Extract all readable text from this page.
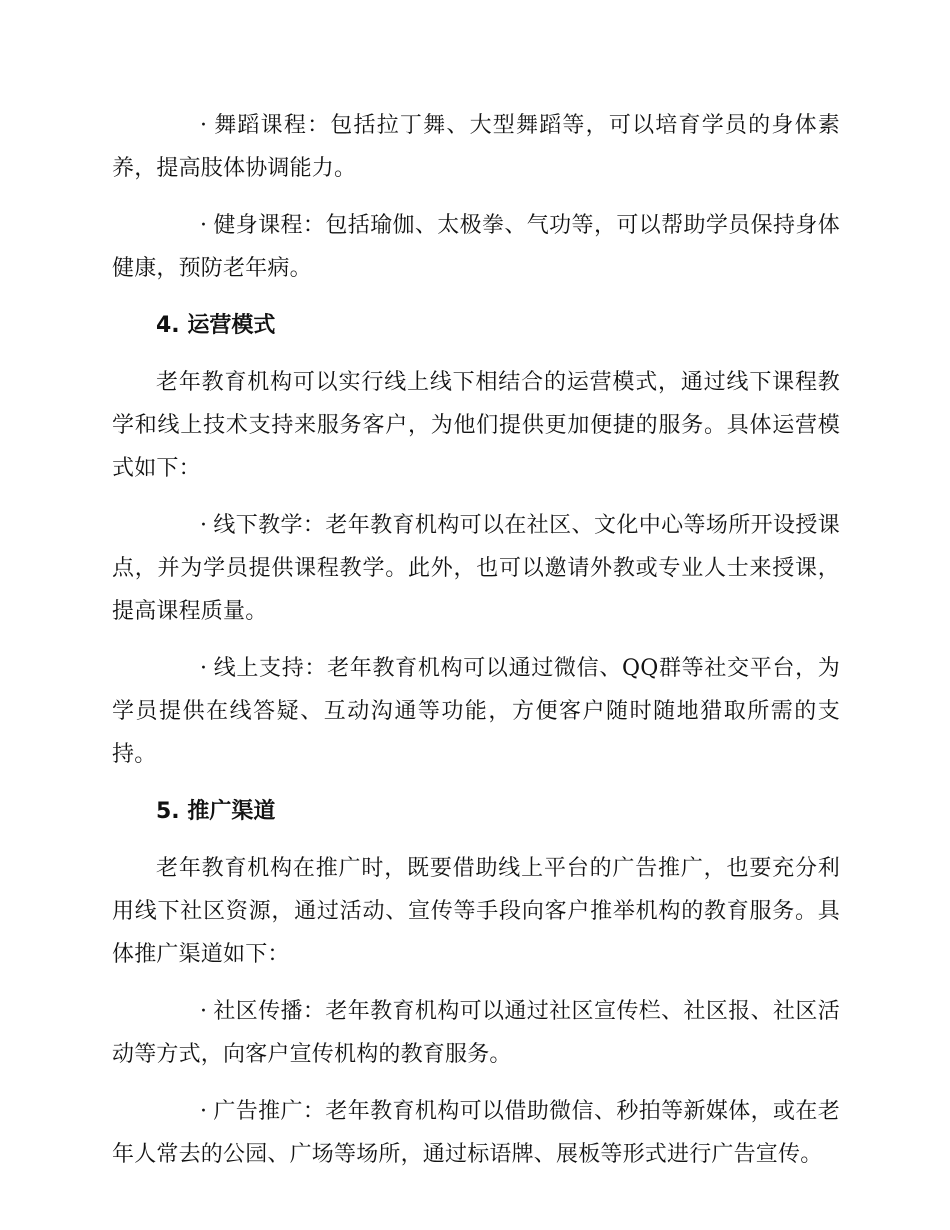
· 舞蹈课程：包括拉丁舞、大型舞蹈等，可以培育学员的身体素养，提高肢体协调能力。

· 健身课程：包括瑜伽、太极拳、气功等，可以帮助学员保持身体健康，预防老年病。

4. 运营模式

老年教育机构可以实行线上线下相结合的运营模式，通过线下课程教学和线上技术支持来服务客户，为他们提供更加便捷的服务。具体运营模式如下：

· 线下教学：老年教育机构可以在社区、文化中心等场所开设授课点，并为学员提供课程教学。此外，也可以邀请外教或专业人士来授课，提高课程质量。

· 线上支持：老年教育机构可以通过微信、QQ群等社交平台，为学员提供在线答疑、互动沟通等功能，方便客户随时随地猎取所需的支持。

5. 推广渠道

老年教育机构在推广时，既要借助线上平台的广告推广，也要充分利用线下社区资源，通过活动、宣传等手段向客户推举机构的教育服务。具体推广渠道如下：

· 社区传播：老年教育机构可以通过社区宣传栏、社区报、社区活动等方式，向客户宣传机构的教育服务。

· 广告推广：老年教育机构可以借助微信、秒拍等新媒体，或在老年人常去的公园、广场等场所，通过标语牌、展板等形式进行广告宣传。
